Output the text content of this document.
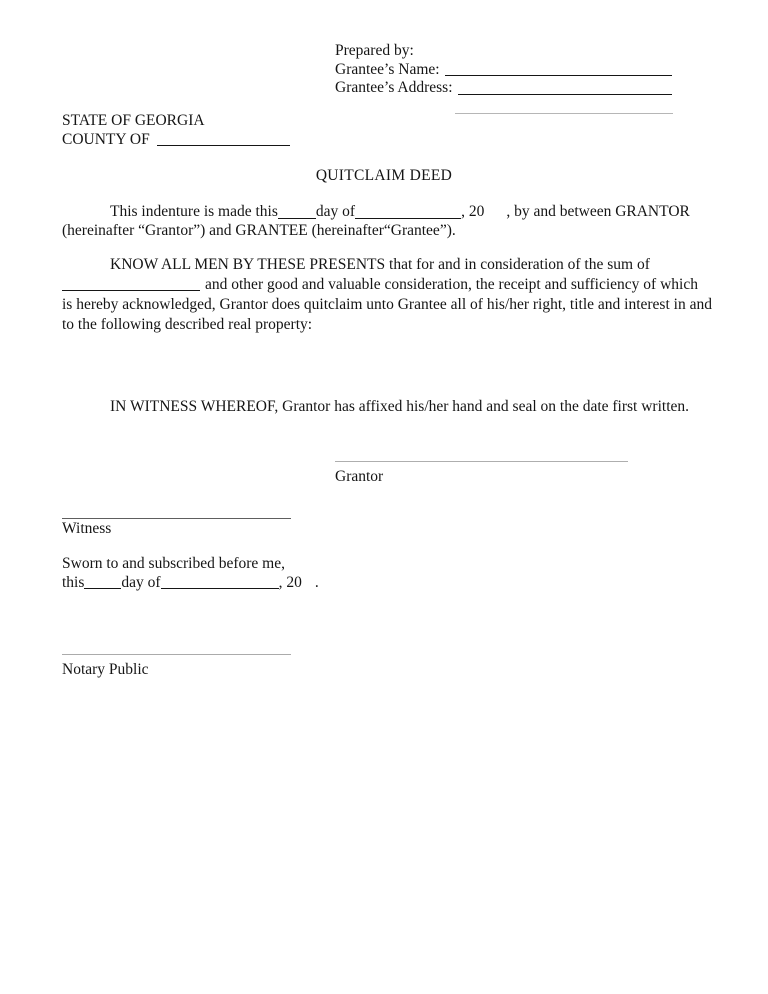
Prepared by:
Grantee’s Name:
Grantee’s Address:
STATE OF GEORGIA
COUNTY OF
QUITCLAIM DEED
This indenture is made this day of	, 20 , by and between GRANTOR
(hereinafter “Grantor”) and GRANTEE (hereinafter“Grantee”).
KNOW ALL MEN BY THESE PRESENTS that for and in consideration of the sum of
and other good and valuable consideration, the receipt and sufficiency of which
is hereby acknowledged, Grantor does quitclaim unto Grantee all of his/her right, title and interest in and
to the following described real property:
IN WITNESS WHEREOF, Grantor has affixed his/her hand and seal on the date first written.
Grantor
Witness
Sworn to and subscribed before me,
this day of	, 20 .
Notary Public
